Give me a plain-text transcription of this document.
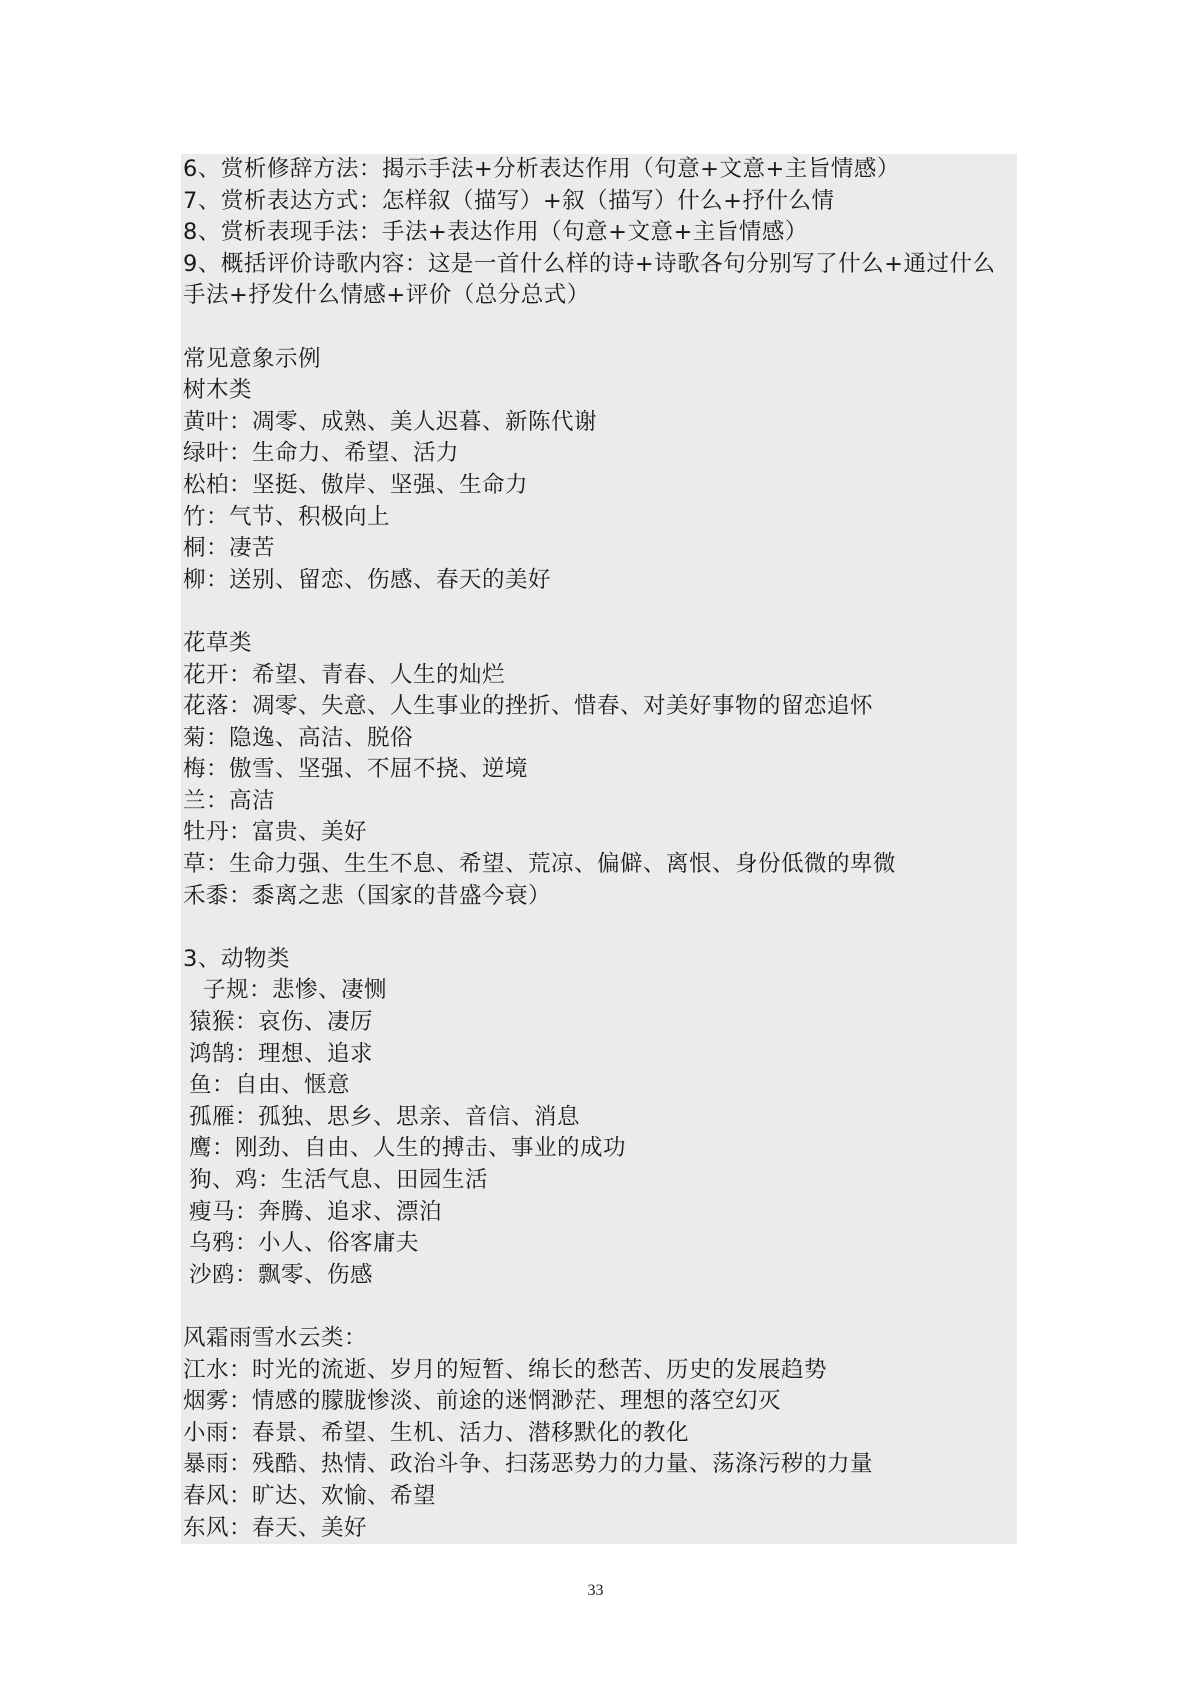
6、赏析修辞方法：揭示手法+分析表达作用（句意+文意+主旨情感）
7、赏析表达方式：怎样叙（描写）+叙（描写）什么+抒什么情
8、赏析表现手法：手法+表达作用（句意+文意+主旨情感）
9、概括评价诗歌内容：这是一首什么样的诗+诗歌各句分别写了什么+通过什么
手法+抒发什么情感+评价（总分总式）
常见意象示例
树木类
黄叶：凋零、成熟、美人迟暮、新陈代谢
绿叶：生命力、希望、活力
松柏：坚挺、傲岸、坚强、生命力
竹：气节、积极向上
桐：凄苦
柳：送别、留恋、伤感、春天的美好
花草类
花开：希望、青春、人生的灿烂
花落：凋零、失意、人生事业的挫折、惜春、对美好事物的留恋追怀
菊：隐逸、高洁、脱俗
梅：傲雪、坚强、不屈不挠、逆境
兰：高洁
牡丹：富贵、美好
草：生命力强、生生不息、希望、荒凉、偏僻、离恨、身份低微的卑微
禾黍：黍离之悲（国家的昔盛今衰）
3、动物类
子规：悲惨、凄恻
猿猴：哀伤、凄厉
鸿鹄：理想、追求
鱼：自由、惬意
孤雁：孤独、思乡、思亲、音信、消息
鹰：刚劲、自由、人生的搏击、事业的成功
狗、鸡：生活气息、田园生活
瘦马：奔腾、追求、漂泊
乌鸦：小人、俗客庸夫
沙鸥：飘零、伤感
风霜雨雪水云类：
江水：时光的流逝、岁月的短暂、绵长的愁苦、历史的发展趋势
烟雾：情感的朦胧惨淡、前途的迷惘渺茫、理想的落空幻灭
小雨：春景、希望、生机、活力、潜移默化的教化
暴雨：残酷、热情、政治斗争、扫荡恶势力的力量、荡涤污秽的力量
春风：旷达、欢愉、希望
东风：春天、美好
33
